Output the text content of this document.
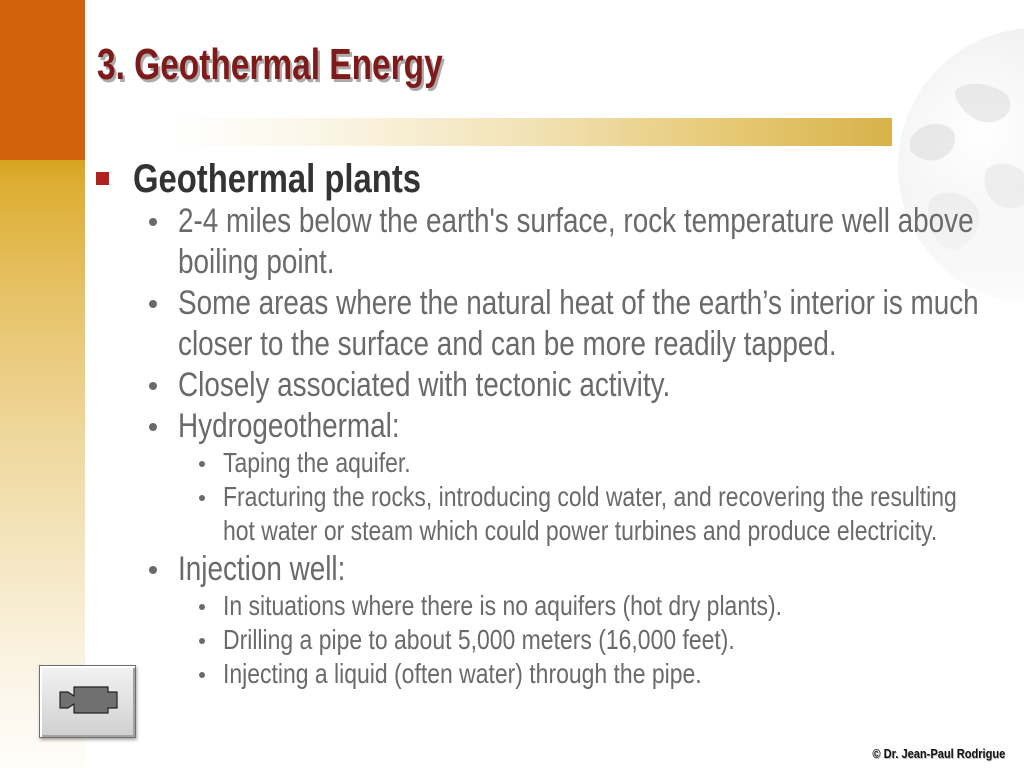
3. Geothermal Energy
Geothermal plants
2-4 miles below the earth's surface, rock temperature well above boiling point.
Some areas where the natural heat of the earth’s interior is much closer to the surface and can be more readily tapped.
Closely associated with tectonic activity.
Hydrogeothermal:
Taping the aquifer.
Fracturing the rocks, introducing cold water, and recovering the resulting hot water or steam which could power turbines and produce electricity.
Injection well:
In situations where there is no aquifers (hot dry plants).
Drilling a pipe to about 5,000 meters (16,000 feet).
Injecting a liquid (often water) through the pipe.
© Dr. Jean-Paul Rodrigue
